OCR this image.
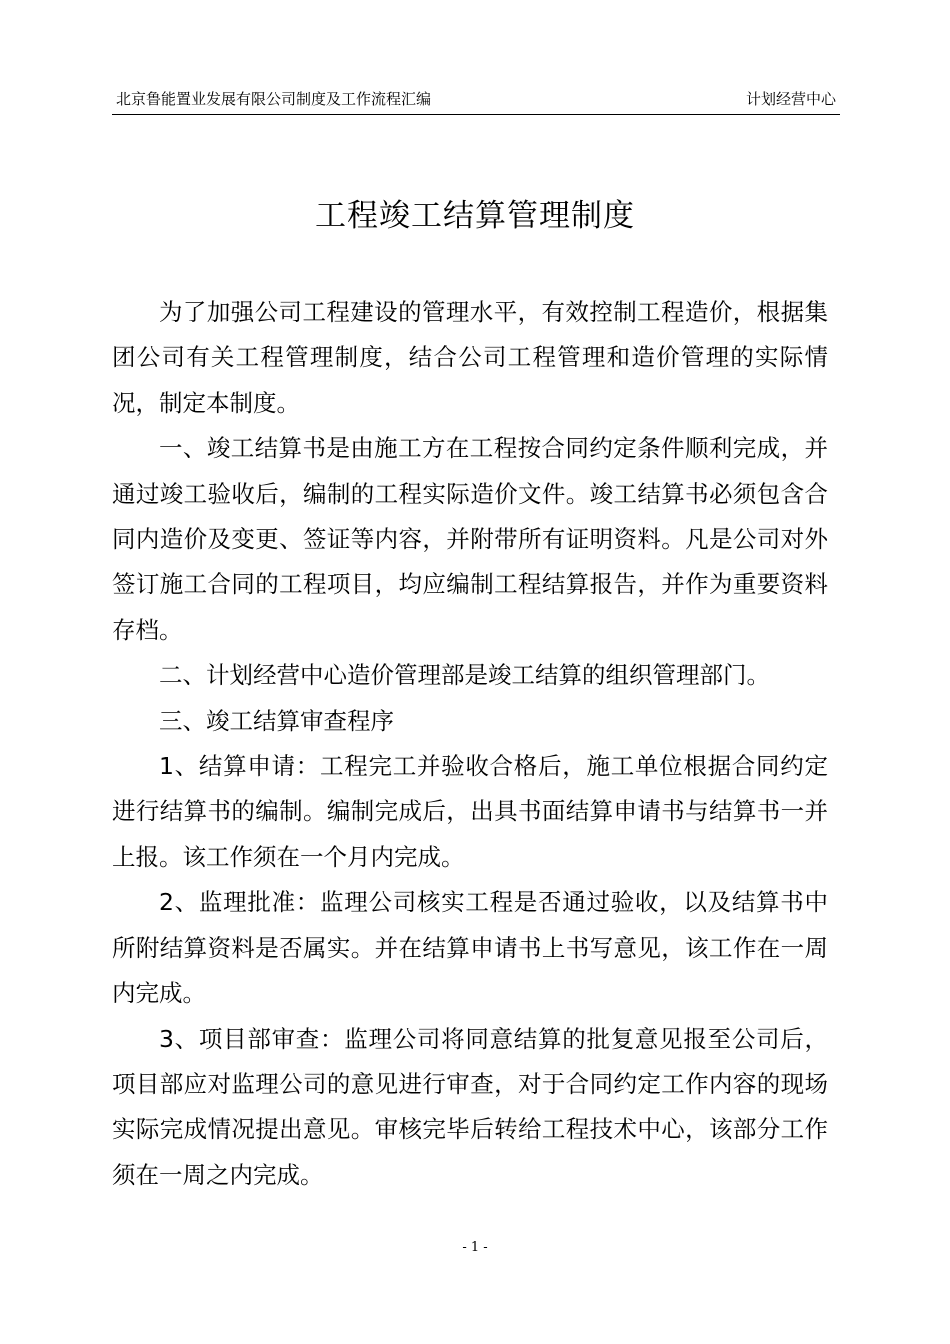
北京鲁能置业发展有限公司制度及工作流程汇编	计划经营中心
工程竣工结算管理制度

为了加强公司工程建设的管理水平，有效控制工程造价，根据集团公司有关工程管理制度，结合公司工程管理和造价管理的实际情况，制定本制度。

一、竣工结算书是由施工方在工程按合同约定条件顺利完成，并通过竣工验收后，编制的工程实际造价文件。竣工结算书必须包含合同内造价及变更、签证等内容，并附带所有证明资料。凡是公司对外签订施工合同的工程项目，均应编制工程结算报告，并作为重要资料存档。

二、计划经营中心造价管理部是竣工结算的组织管理部门。

三、竣工结算审查程序

1、结算申请：工程完工并验收合格后，施工单位根据合同约定进行结算书的编制。编制完成后，出具书面结算申请书与结算书一并上报。该工作须在一个月内完成。

2、监理批准：监理公司核实工程是否通过验收，以及结算书中所附结算资料是否属实。并在结算申请书上书写意见，该工作在一周内完成。

3、项目部审查：监理公司将同意结算的批复意见报至公司后，项目部应对监理公司的意见进行审查，对于合同约定工作内容的现场实际完成情况提出意见。审核完毕后转给工程技术中心，该部分工作须在一周之内完成。

- 1 -
